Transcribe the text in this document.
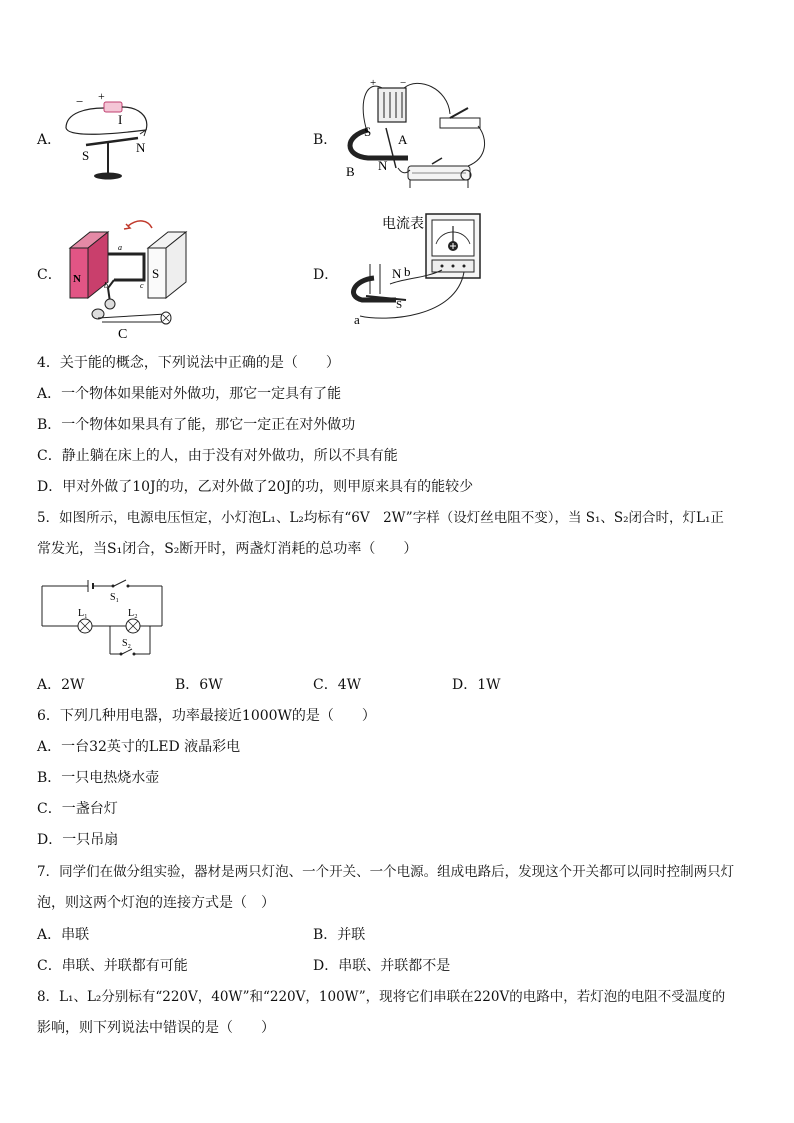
A．	B．
C．	D．
− +
I
S
N
+ −
S
A
B N
N	S
C
a
b	c
电流表
N b
S
a
4．关于能的概念，下列说法中正确的是（　　）
A．一个物体如果能对外做功，那它一定具有了能
B．一个物体如果具有了能，那它一定正在对外做功
C．静止躺在床上的人，由于没有对外做功，所以不具有能
D．甲对外做了10J的功，乙对外做了20J的功，则甲原来具有的能较少
5．如图所示，电源电压恒定，小灯泡L₁、L₂均标有“6V　2W”字样（设灯丝电阻不变），当 S₁、S₂闭合时，灯L₁正
常发光，当S₁闭合，S₂断开时，两盏灯消耗的总功率（　　）
S₁
L₁	L₂
S₂
A．2W	B．6W	C．4W	D．1W
6．下列几种用电器，功率最接近1000W的是（　　）
A．一台32英寸的LED 液晶彩电
B．一只电热烧水壶
C．一盏台灯
D．一只吊扇
7．同学们在做分组实验，器材是两只灯泡、一个开关、一个电源。组成电路后，发现这个开关都可以同时控制两只灯
泡，则这两个灯泡的连接方式是（　）
A．串联	B．并联
C．串联、并联都有可能	D．串联、并联都不是
8．L₁、L₂分别标有“220V，40W”和“220V，100W”，现将它们串联在220V的电路中，若灯泡的电阻不受温度的
影响，则下列说法中错误的是（　　）
